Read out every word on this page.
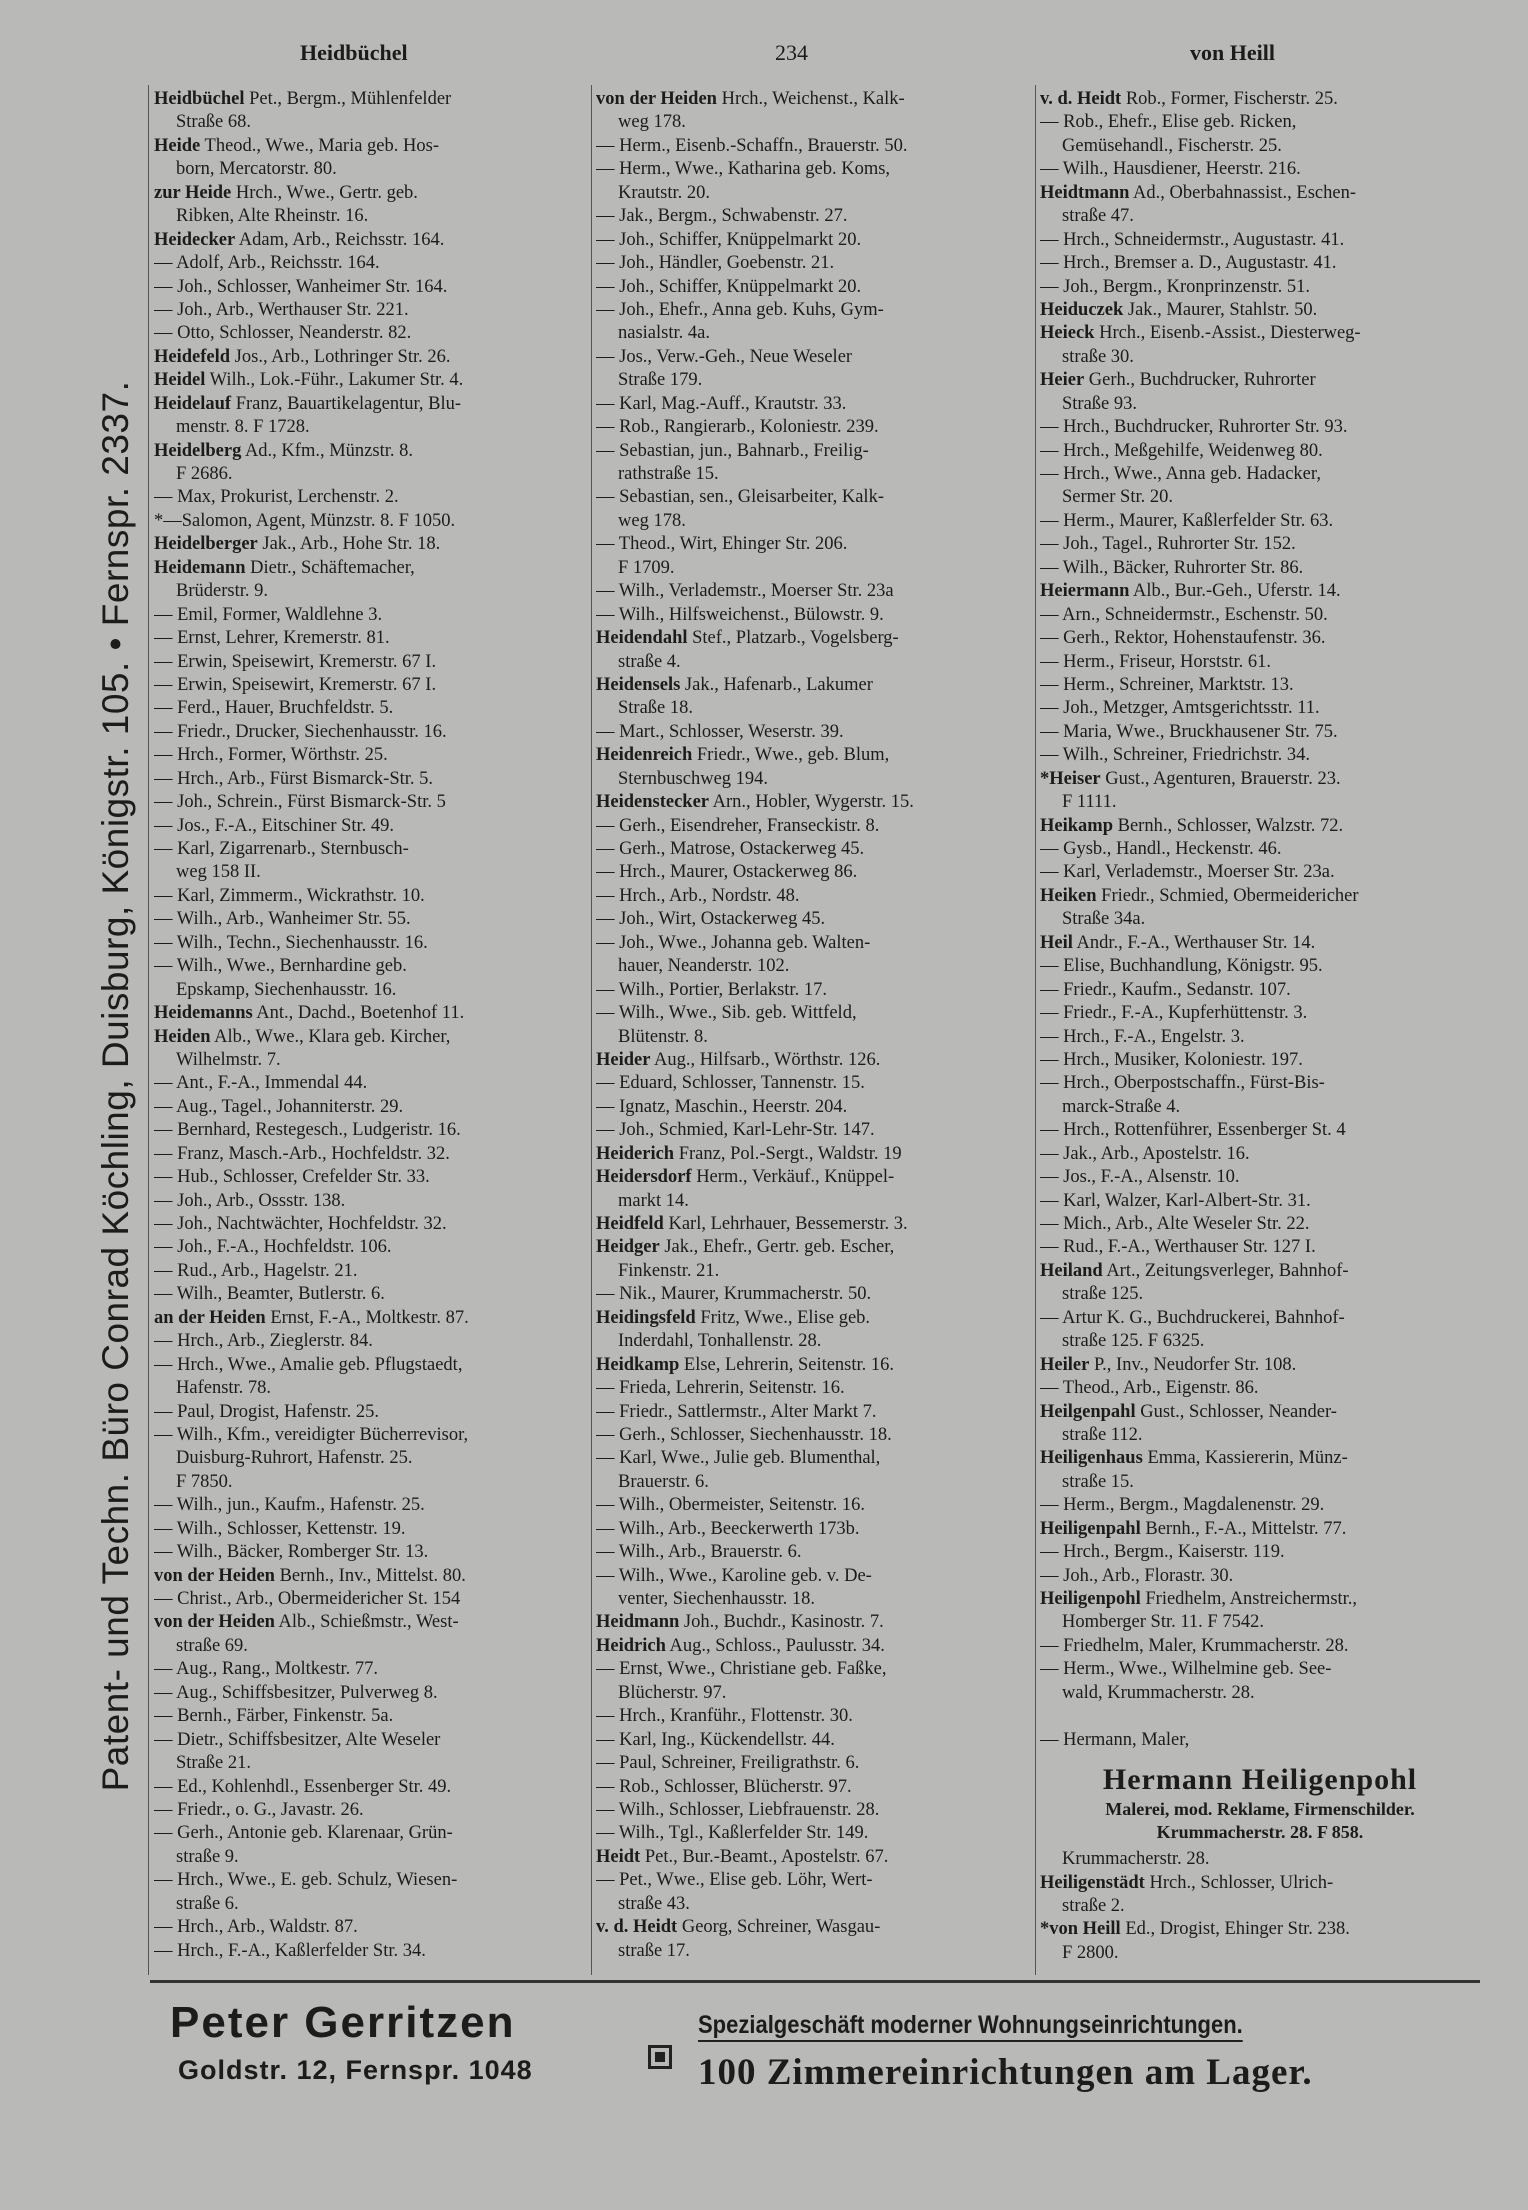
Heidbüchel	234	von Heill
Patent- und Techn. Büro Conrad Köchling, Duisburg, Königstr. 105. • Fernspr. 2337.
Heidbüchel Pet., Bergm., Mühlenfelder
Straße 68.
Heide Theod., Wwe., Maria geb. Hos-
born, Mercatorstr. 80.
zur Heide Hrch., Wwe., Gertr. geb.
Ribken, Alte Rheinstr. 16.
Heidecker Adam, Arb., Reichsstr. 164.
— Adolf, Arb., Reichsstr. 164.
— Joh., Schlosser, Wanheimer Str. 164.
— Joh., Arb., Werthauser Str. 221.
— Otto, Schlosser, Neanderstr. 82.
Heidefeld Jos., Arb., Lothringer Str. 26.
Heidel Wilh., Lok.-Führ., Lakumer Str. 4.
Heidelauf Franz, Bauartikelagentur, Blu-
menstr. 8. F 1728.
Heidelberg Ad., Kfm., Münzstr. 8.
F 2686.
— Max, Prokurist, Lerchenstr. 2.
*—Salomon, Agent, Münzstr. 8. F 1050.
Heidelberger Jak., Arb., Hohe Str. 18.
Heidemann Dietr., Schäftemacher,
Brüderstr. 9.
— Emil, Former, Waldlehne 3.
— Ernst, Lehrer, Kremerstr. 81.
— Erwin, Speisewirt, Kremerstr. 67 I.
— Erwin, Speisewirt, Kremerstr. 67 I.
— Ferd., Hauer, Bruchfeldstr. 5.
— Friedr., Drucker, Siechenhausstr. 16.
— Hrch., Former, Wörthstr. 25.
— Hrch., Arb., Fürst Bismarck-Str. 5.
— Joh., Schrein., Fürst Bismarck-Str. 5
— Jos., F.-A., Eitschiner Str. 49.
— Karl, Zigarrenarb., Sternbusch-
weg 158 II.
— Karl, Zimmerm., Wickrathstr. 10.
— Wilh., Arb., Wanheimer Str. 55.
— Wilh., Techn., Siechenhausstr. 16.
— Wilh., Wwe., Bernhardine geb.
Epskamp, Siechenhausstr. 16.
Heidemanns Ant., Dachd., Boetenhof 11.
Heiden Alb., Wwe., Klara geb. Kircher,
Wilhelmstr. 7.
— Ant., F.-A., Immendal 44.
— Aug., Tagel., Johanniterstr. 29.
— Bernhard, Restegesch., Ludgeristr. 16.
— Franz, Masch.-Arb., Hochfeldstr. 32.
— Hub., Schlosser, Crefelder Str. 33.
— Joh., Arb., Ossstr. 138.
— Joh., Nachtwächter, Hochfeldstr. 32.
— Joh., F.-A., Hochfeldstr. 106.
— Rud., Arb., Hagelstr. 21.
— Wilh., Beamter, Butlerstr. 6.
an der Heiden Ernst, F.-A., Moltkestr. 87.
— Hrch., Arb., Zieglerstr. 84.
— Hrch., Wwe., Amalie geb. Pflugstaedt,
Hafenstr. 78.
— Paul, Drogist, Hafenstr. 25.
— Wilh., Kfm., vereidigter Bücherrevisor,
Duisburg-Ruhrort, Hafenstr. 25.
F 7850.
— Wilh., jun., Kaufm., Hafenstr. 25.
— Wilh., Schlosser, Kettenstr. 19.
— Wilh., Bäcker, Romberger Str. 13.
von der Heiden Bernh., Inv., Mittelst. 80.
— Christ., Arb., Obermeidericher St. 154
von der Heiden Alb., Schießmstr., West-
straße 69.
— Aug., Rang., Moltkestr. 77.
— Aug., Schiffsbesitzer, Pulverweg 8.
— Bernh., Färber, Finkenstr. 5a.
— Dietr., Schiffsbesitzer, Alte Weseler
Straße 21.
— Ed., Kohlenhdl., Essenberger Str. 49.
— Friedr., o. G., Javastr. 26.
— Gerh., Antonie geb. Klarenaar, Grün-
straße 9.
— Hrch., Wwe., E. geb. Schulz, Wiesen-
straße 6.
— Hrch., Arb., Waldstr. 87.
— Hrch., F.-A., Kaßlerfelder Str. 34.
von der Heiden Hrch., Weichenst., Kalk-
weg 178.
— Herm., Eisenb.-Schaffn., Brauerstr. 50.
— Herm., Wwe., Katharina geb. Koms,
Krautstr. 20.
— Jak., Bergm., Schwabenstr. 27.
— Joh., Schiffer, Knüppelmarkt 20.
— Joh., Händler, Goebenstr. 21.
— Joh., Schiffer, Knüppelmarkt 20.
— Joh., Ehefr., Anna geb. Kuhs, Gym-
nasialstr. 4a.
— Jos., Verw.-Geh., Neue Weseler
Straße 179.
— Karl, Mag.-Auff., Krautstr. 33.
— Rob., Rangierarb., Koloniestr. 239.
— Sebastian, jun., Bahnarb., Freilig-
rathstraße 15.
— Sebastian, sen., Gleisarbeiter, Kalk-
weg 178.
— Theod., Wirt, Ehinger Str. 206.
F 1709.
— Wilh., Verlademstr., Moerser Str. 23a
— Wilh., Hilfsweichenst., Bülowstr. 9.
Heidendahl Stef., Platzarb., Vogelsberg-
straße 4.
Heidensels Jak., Hafenarb., Lakumer
Straße 18.
— Mart., Schlosser, Weserstr. 39.
Heidenreich Friedr., Wwe., geb. Blum,
Sternbuschweg 194.
Heidenstecker Arn., Hobler, Wygerstr. 15.
— Gerh., Eisendreher, Franseckistr. 8.
— Gerh., Matrose, Ostackerweg 45.
— Hrch., Maurer, Ostackerweg 86.
— Hrch., Arb., Nordstr. 48.
— Joh., Wirt, Ostackerweg 45.
— Joh., Wwe., Johanna geb. Walten-
hauer, Neanderstr. 102.
— Wilh., Portier, Berlakstr. 17.
— Wilh., Wwe., Sib. geb. Wittfeld,
Blütenstr. 8.
Heider Aug., Hilfsarb., Wörthstr. 126.
— Eduard, Schlosser, Tannenstr. 15.
— Ignatz, Maschin., Heerstr. 204.
— Joh., Schmied, Karl-Lehr-Str. 147.
Heiderich Franz, Pol.-Sergt., Waldstr. 19
Heidersdorf Herm., Verkäuf., Knüppel-
markt 14.
Heidfeld Karl, Lehrhauer, Bessemerstr. 3.
Heidger Jak., Ehefr., Gertr. geb. Escher,
Finkenstr. 21.
— Nik., Maurer, Krummacherstr. 50.
Heidingsfeld Fritz, Wwe., Elise geb.
Inderdahl, Tonhallenstr. 28.
Heidkamp Else, Lehrerin, Seitenstr. 16.
— Frieda, Lehrerin, Seitenstr. 16.
— Friedr., Sattlermstr., Alter Markt 7.
— Gerh., Schlosser, Siechenhausstr. 18.
— Karl, Wwe., Julie geb. Blumenthal,
Brauerstr. 6.
— Wilh., Obermeister, Seitenstr. 16.
— Wilh., Arb., Beeckerwerth 173b.
— Wilh., Arb., Brauerstr. 6.
— Wilh., Wwe., Karoline geb. v. De-
venter, Siechenhausstr. 18.
Heidmann Joh., Buchdr., Kasinostr. 7.
Heidrich Aug., Schloss., Paulusstr. 34.
— Ernst, Wwe., Christiane geb. Faßke,
Blücherstr. 97.
— Hrch., Kranführ., Flottenstr. 30.
— Karl, Ing., Kückendellstr. 44.
— Paul, Schreiner, Freiligrathstr. 6.
— Rob., Schlosser, Blücherstr. 97.
— Wilh., Schlosser, Liebfrauenstr. 28.
— Wilh., Tgl., Kaßlerfelder Str. 149.
Heidt Pet., Bur.-Beamt., Apostelstr. 67.
— Pet., Wwe., Elise geb. Löhr, Wert-
straße 43.
v. d. Heidt Georg, Schreiner, Wasgau-
straße 17.
v. d. Heidt Rob., Former, Fischerstr. 25.
— Rob., Ehefr., Elise geb. Ricken,
Gemüsehandl., Fischerstr. 25.
— Wilh., Hausdiener, Heerstr. 216.
Heidtmann Ad., Oberbahnassist., Eschen-
straße 47.
— Hrch., Schneidermstr., Augustastr. 41.
— Hrch., Bremser a. D., Augustastr. 41.
— Joh., Bergm., Kronprinzenstr. 51.
Heiduczek Jak., Maurer, Stahlstr. 50.
Heieck Hrch., Eisenb.-Assist., Diesterweg-
straße 30.
Heier Gerh., Buchdrucker, Ruhrorter
Straße 93.
— Hrch., Buchdrucker, Ruhrorter Str. 93.
— Hrch., Meßgehilfe, Weidenweg 80.
— Hrch., Wwe., Anna geb. Hadacker,
Sermer Str. 20.
— Herm., Maurer, Kaßlerfelder Str. 63.
— Joh., Tagel., Ruhrorter Str. 152.
— Wilh., Bäcker, Ruhrorter Str. 86.
Heiermann Alb., Bur.-Geh., Uferstr. 14.
— Arn., Schneidermstr., Eschenstr. 50.
— Gerh., Rektor, Hohenstaufenstr. 36.
— Herm., Friseur, Horststr. 61.
— Herm., Schreiner, Marktstr. 13.
— Joh., Metzger, Amtsgerichtsstr. 11.
— Maria, Wwe., Bruckhausener Str. 75.
— Wilh., Schreiner, Friedrichstr. 34.
*Heiser Gust., Agenturen, Brauerstr. 23.
F 1111.
Heikamp Bernh., Schlosser, Walzstr. 72.
— Gysb., Handl., Heckenstr. 46.
— Karl, Verlademstr., Moerser Str. 23a.
Heiken Friedr., Schmied, Obermeidericher
Straße 34a.
Heil Andr., F.-A., Werthauser Str. 14.
— Elise, Buchhandlung, Königstr. 95.
— Friedr., Kaufm., Sedanstr. 107.
— Friedr., F.-A., Kupferhüttenstr. 3.
— Hrch., F.-A., Engelstr. 3.
— Hrch., Musiker, Koloniestr. 197.
— Hrch., Oberpostschaffn., Fürst-Bis-
marck-Straße 4.
— Hrch., Rottenführer, Essenberger St. 4
— Jak., Arb., Apostelstr. 16.
— Jos., F.-A., Alsenstr. 10.
— Karl, Walzer, Karl-Albert-Str. 31.
— Mich., Arb., Alte Weseler Str. 22.
— Rud., F.-A., Werthauser Str. 127 I.
Heiland Art., Zeitungsverleger, Bahnhof-
straße 125.
— Artur K. G., Buchdruckerei, Bahnhof-
straße 125. F 6325.
Heiler P., Inv., Neudorfer Str. 108.
— Theod., Arb., Eigenstr. 86.
Heilgenpahl Gust., Schlosser, Neander-
straße 112.
Heiligenhaus Emma, Kassiererin, Münz-
straße 15.
— Herm., Bergm., Magdalenenstr. 29.
Heiligenpahl Bernh., F.-A., Mittelstr. 77.
— Hrch., Bergm., Kaiserstr. 119.
— Joh., Arb., Florastr. 30.
Heiligenpohl Friedhelm, Anstreichermstr.,
Homberger Str. 11. F 7542.
— Friedhelm, Maler, Krummacherstr. 28.
— Herm., Wwe., Wilhelmine geb. See-
wald, Krummacherstr. 28.
— Hermann, Maler,
Hermann Heiligenpohl
Malerei, mod. Reklame, Firmenschilder.
Krummacherstr. 28. F 858.
Krummacherstr. 28.
Heiligenstädt Hrch., Schlosser, Ulrich-
straße 2.
*von Heill Ed., Drogist, Ehinger Str. 238.
F 2800.
Peter Gerritzen
Goldstr. 12, Fernspr. 1048
Spezialgeschäft moderner Wohnungseinrichtungen.
100 Zimmereinrichtungen am Lager.
